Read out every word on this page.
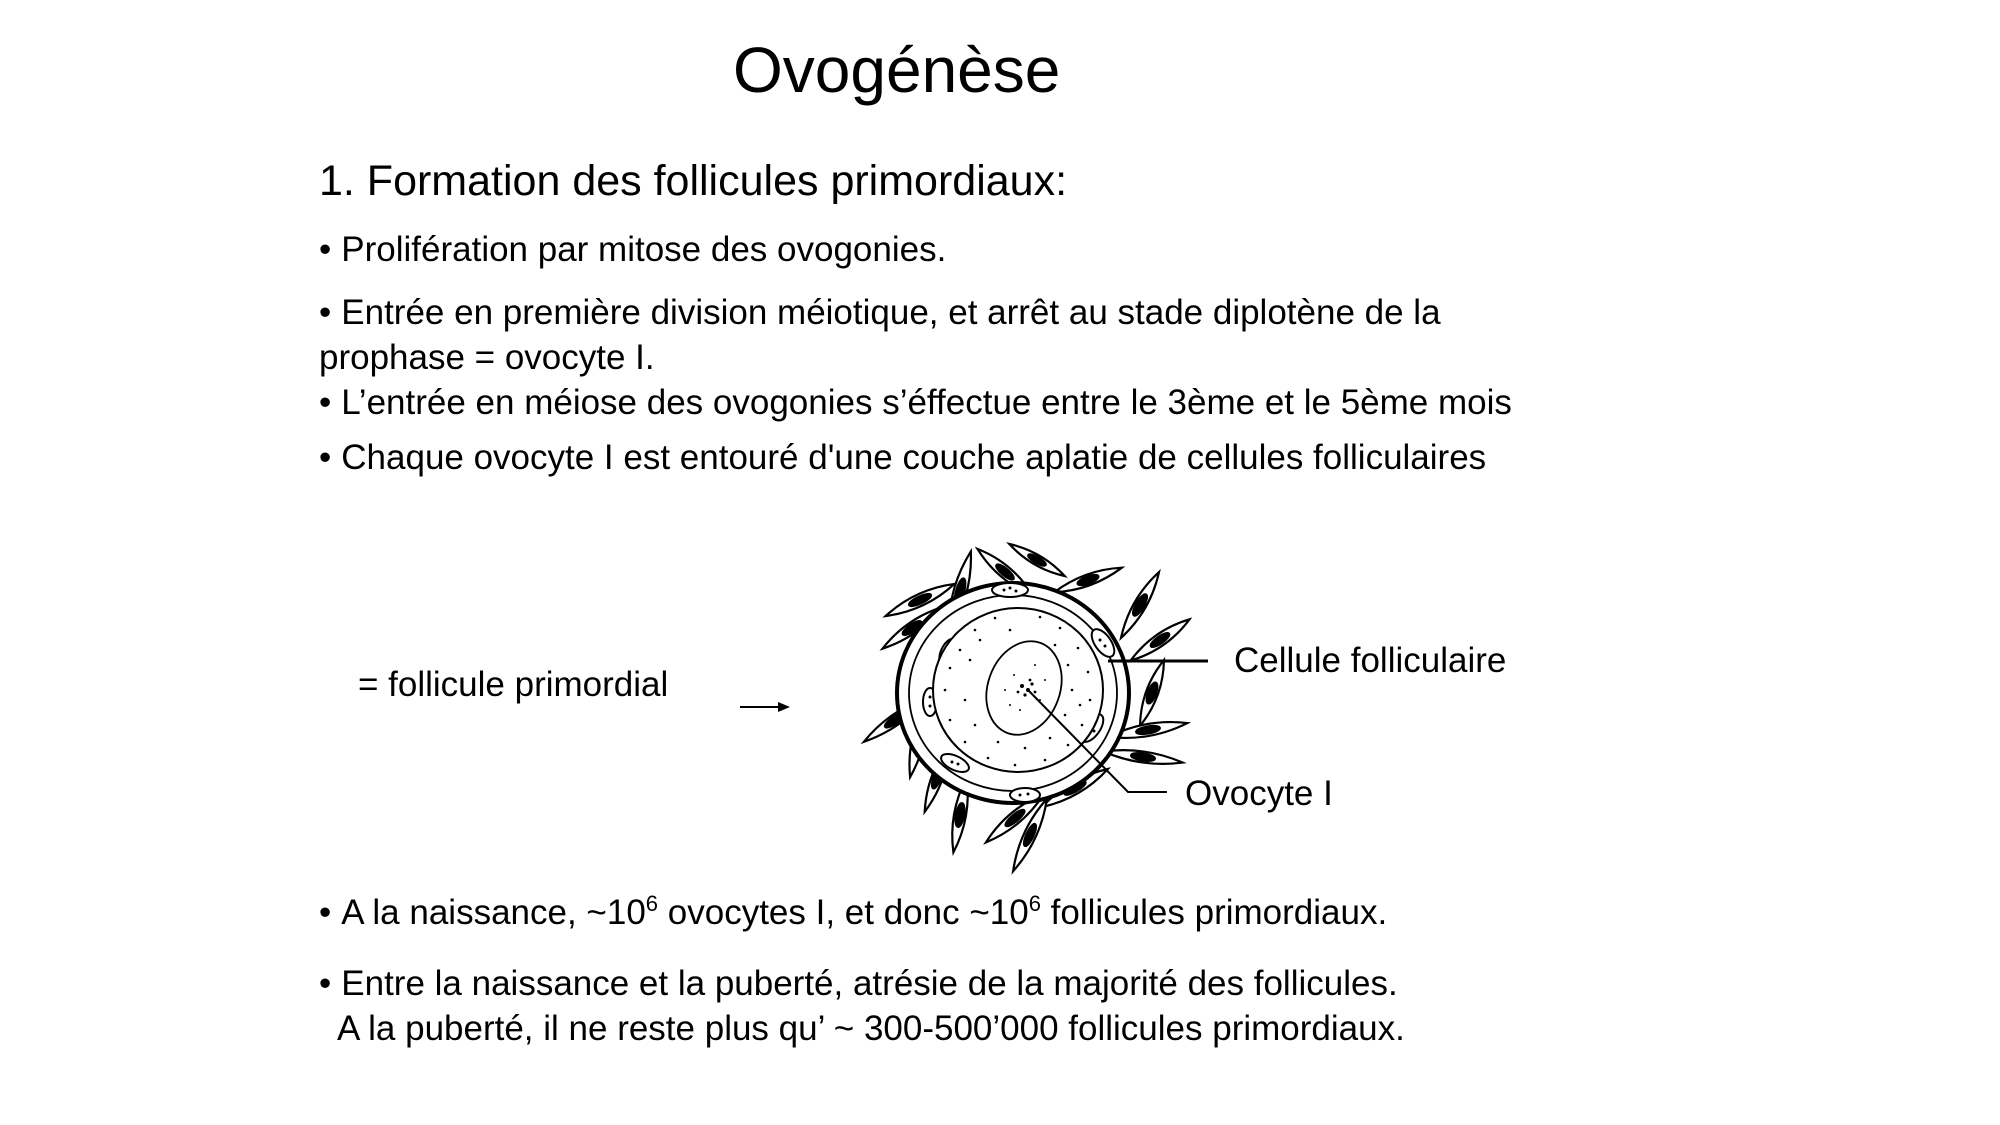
Ovogénèse
1. Formation des follicules primordiaux:
• Prolifération par mitose des ovogonies.
• Entrée en première division méiotique, et arrêt au stade diplotène de la
prophase = ovocyte I.
• L’entrée en méiose des ovogonies s’éffectue entre le 3ème et le 5ème mois
• Chaque ovocyte I est entouré d'une couche aplatie de cellules folliculaires
= follicule primordial
Cellule folliculaire
Ovocyte I
• A la naissance, $\sim 10^6$ ovocytes I, et donc $\sim 10^6$ follicules primordiaux.
• Entre la naissance et la puberté, atrésie de la majorité des follicules.
A la puberté, il ne reste plus qu’ ~ 300-500’000 follicules primordiaux.
